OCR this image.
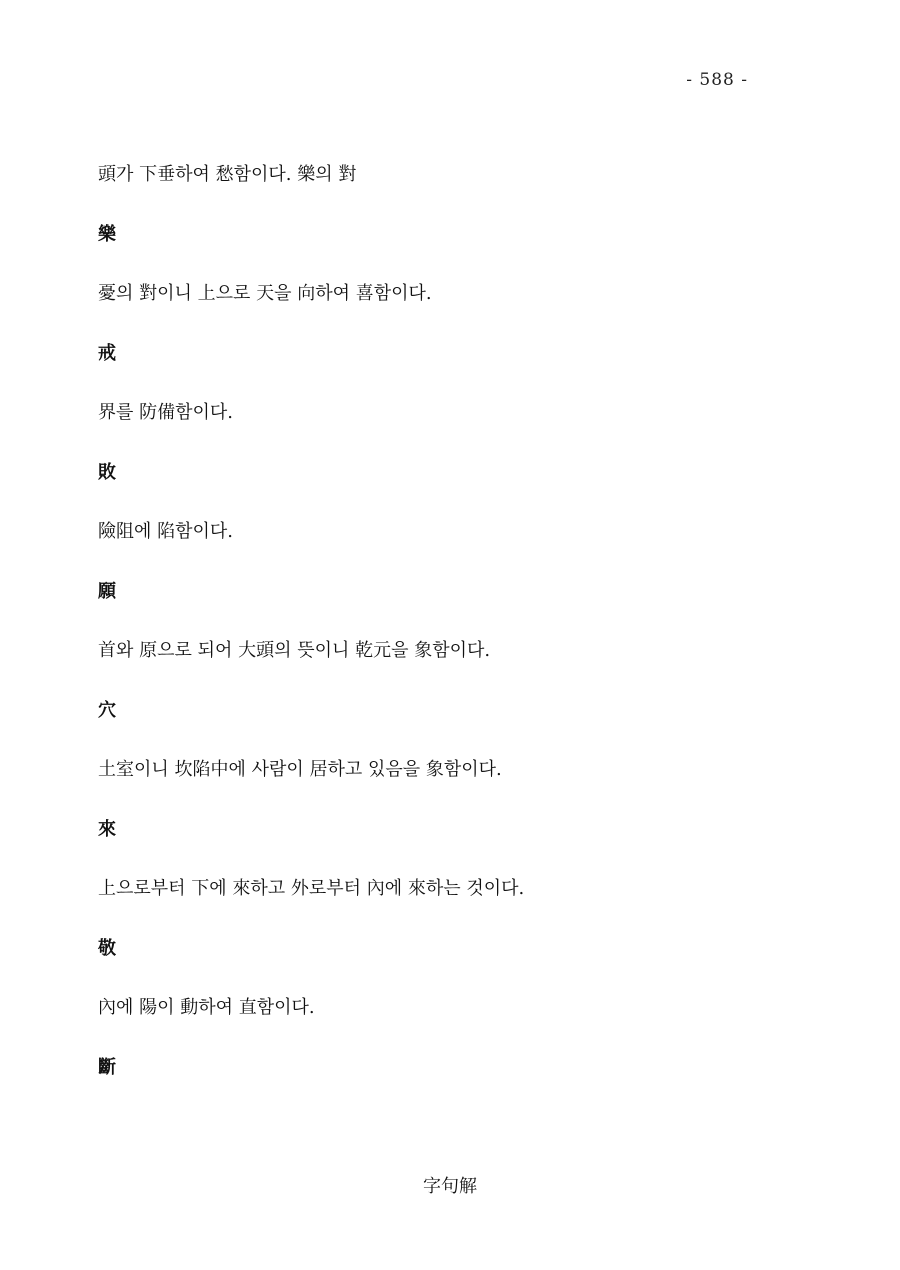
- 588 -
頭가 下垂하여 愁함이다. 樂의 對
樂
憂의 對이니 上으로 天을 向하여 喜함이다.
戒
界를 防備함이다.
敗
險阻에 陷함이다.
願
首와 原으로 되어 大頭의 뜻이니 乾元을 象함이다.
穴
土室이니 坎陷中에 사람이 居하고 있음을 象함이다.
來
上으로부터 下에 來하고 外로부터 內에 來하는 것이다.
敬
內에 陽이 動하여 直함이다.
斷
字句解
